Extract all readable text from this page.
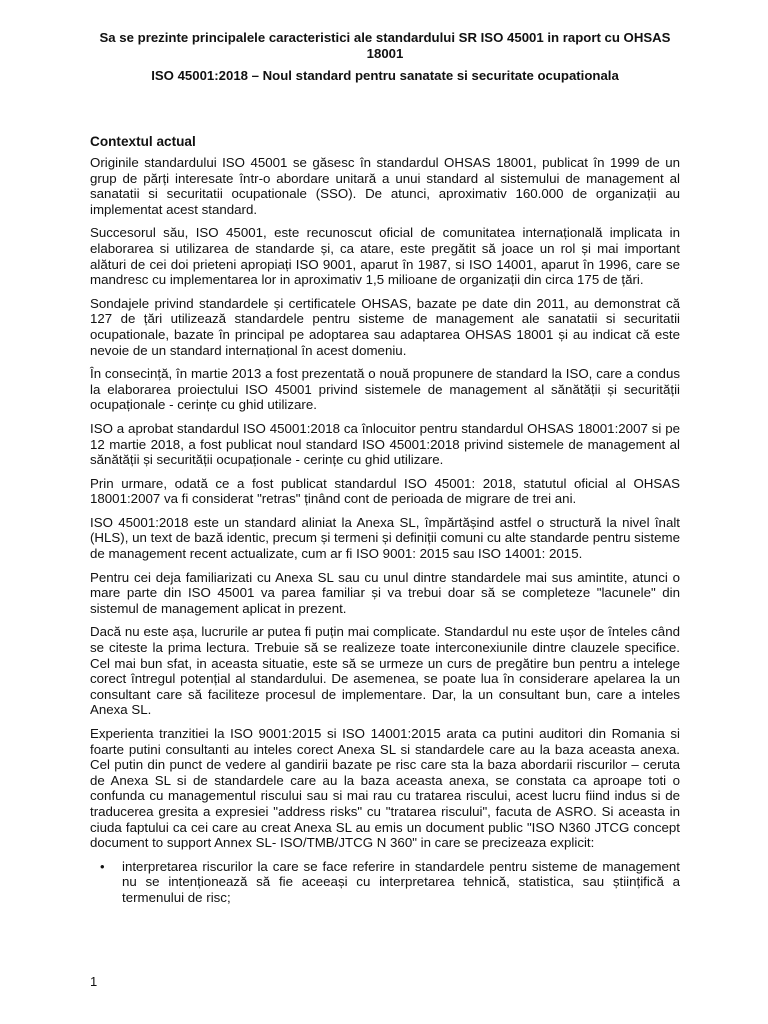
Sa se prezinte principalele caracteristici ale standardului SR ISO 45001 in raport cu OHSAS 18001

ISO 45001:2018 – Noul standard pentru sanatate si securitate ocupationala

Contextul actual

Originile standardului ISO 45001 se găsesc în standardul OHSAS 18001, publicat în 1999 de un grup de părți interesate într-o abordare unitară a unui standard al sistemului de management al sanatatii si securitatii ocupationale (SSO). De atunci, aproximativ 160.000 de organizații au implementat acest standard.

Succesorul său, ISO 45001, este recunoscut oficial de comunitatea internațională implicata in elaborarea si utilizarea de standarde și, ca atare, este pregătit să joace un rol și mai important alături de cei doi prieteni apropiați ISO 9001, aparut în 1987, si ISO 14001, aparut în 1996, care se mandresc cu implementarea lor in aproximativ 1,5 milioane de organizații din circa 175 de țări.

Sondajele privind standardele și certificatele OHSAS, bazate pe date din 2011, au demonstrat că 127 de țări utilizează standardele pentru sisteme de management ale sanatatii si securitatii ocupationale, bazate în principal pe adoptarea sau adaptarea OHSAS 18001 și au indicat că este nevoie de un standard internațional în acest domeniu.

În consecință, în martie 2013 a fost prezentată o nouă propunere de standard la ISO, care a condus la elaborarea proiectului ISO 45001 privind sistemele de management al sănătății și securității ocupaționale - cerințe cu ghid utilizare.

ISO a aprobat standardul ISO 45001:2018 ca înlocuitor pentru standardul OHSAS 18001:2007 si pe 12 martie 2018, a fost publicat noul standard ISO 45001:2018 privind sistemele de management al sănătății și securității ocupaționale - cerințe cu ghid utilizare.

Prin urmare, odată ce a fost publicat standardul ISO 45001: 2018, statutul oficial al OHSAS 18001:2007 va fi considerat "retras" ținând cont de perioada de migrare de trei ani.

ISO 45001:2018 este un standard aliniat la Anexa SL, împărtășind astfel o structură la nivel înalt (HLS), un text de bază identic, precum și termeni și definiții comuni cu alte standarde pentru sisteme de management recent actualizate, cum ar fi ISO 9001: 2015 sau ISO 14001: 2015.

Pentru cei deja familiarizati cu Anexa SL sau cu unul dintre standardele mai sus amintite, atunci o mare parte din ISO 45001 va parea familiar și va trebui doar să se completeze "lacunele" din sistemul de management aplicat in prezent.

Dacă nu este așa, lucrurile ar putea fi puțin mai complicate. Standardul nu este ușor de înteles când se citeste la prima lectura. Trebuie să se realizeze toate interconexiunile dintre clauzele specifice. Cel mai bun sfat, in aceasta situatie, este să se urmeze un curs de pregătire bun pentru a intelege corect întregul potențial al standardului. De asemenea, se poate lua în considerare apelarea la un consultant care să faciliteze procesul de implementare. Dar, la un consultant bun, care a inteles Anexa SL.

Experienta tranzitiei la ISO 9001:2015 si ISO 14001:2015 arata ca putini auditori din Romania si foarte putini consultanti au inteles corect Anexa SL si standardele care au la baza aceasta anexa. Cel putin din punct de vedere al gandirii bazate pe risc care sta la baza abordarii riscurilor – ceruta de Anexa SL si de standardele care au la baza aceasta anexa, se constata ca aproape toti o confunda cu managementul riscului sau si mai rau cu tratarea riscului, acest lucru fiind indus si de traducerea gresita a expresiei "address risks" cu "tratarea riscului", facuta de ASRO. Si aceasta in ciuda faptului ca cei care au creat Anexa SL au emis un document public "ISO N360 JTCG concept document to support Annex SL- ISO/TMB/JTCG N 360" in care se precizeaza explicit:

• interpretarea riscurilor la care se face referire in standardele pentru sisteme de management nu se intenționează să fie aceeași cu interpretarea tehnică, statistica, sau științifică a termenului de risc;
1
